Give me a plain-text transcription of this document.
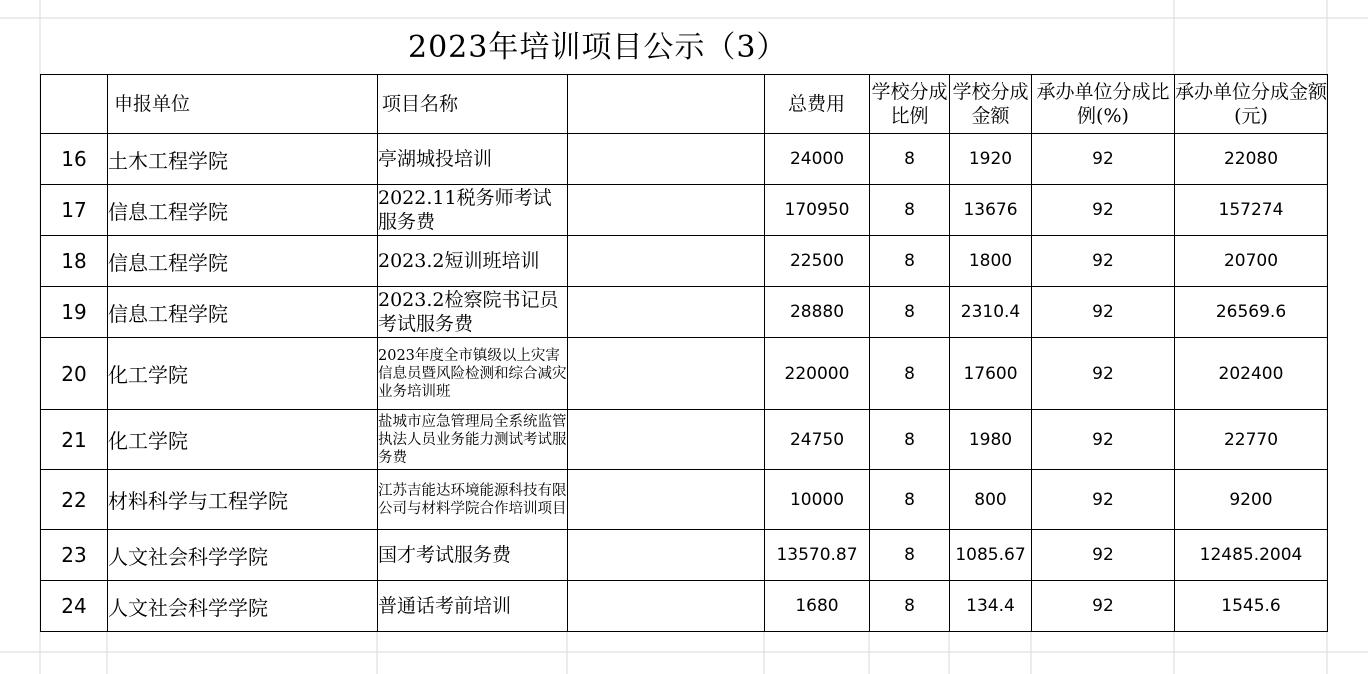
2023年培训项目公示（3）
	申报单位	项目名称		总费用	学校分成比例	学校分成金额	承办单位分成比例(%)	承办单位分成金额(元)
16	土木工程学院	亭湖城投培训		24000	8	1920	92	22080
17	信息工程学院	2022.11税务师考试服务费		170950	8	13676	92	157274
18	信息工程学院	2023.2短训班培训		22500	8	1800	92	20700
19	信息工程学院	2023.2检察院书记员考试服务费		28880	8	2310.4	92	26569.6
20	化工学院	2023年度全市镇级以上灾害信息员暨风险检测和综合减灾业务培训班		220000	8	17600	92	202400
21	化工学院	盐城市应急管理局全系统监管执法人员业务能力测试考试服务费		24750	8	1980	92	22770
22	材料科学与工程学院	江苏吉能达环境能源科技有限公司与材料学院合作培训项目		10000	8	800	92	9200
23	人文社会科学学院	国才考试服务费		13570.87	8	1085.67	92	12485.2004
24	人文社会科学学院	普通话考前培训		1680	8	134.4	92	1545.6
